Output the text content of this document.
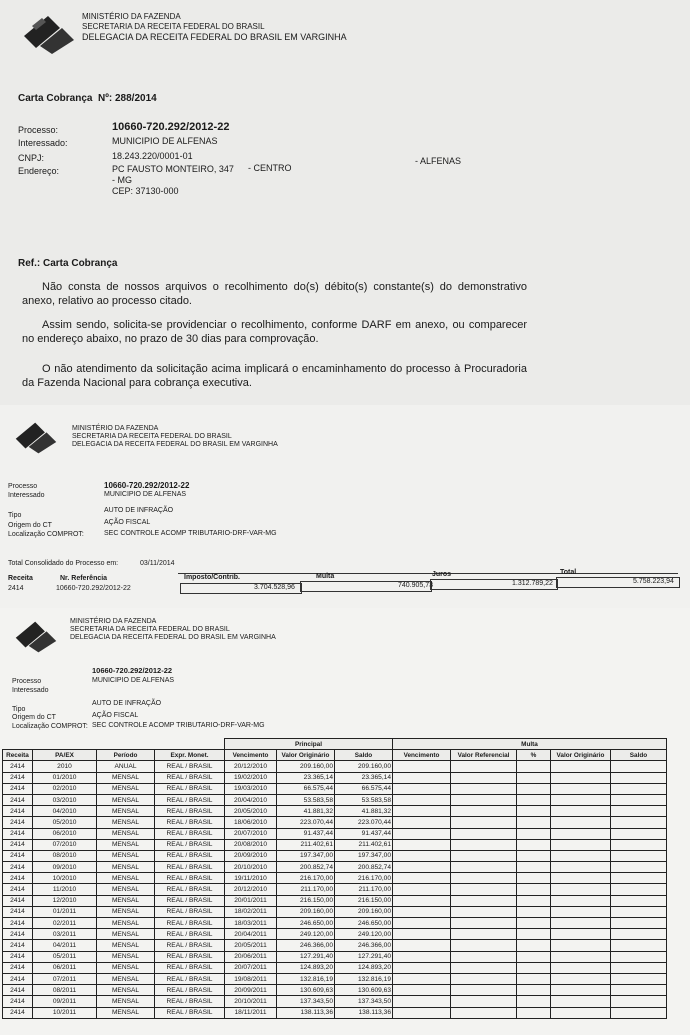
MINISTÉRIO DA FAZENDA
SECRETARIA DA RECEITA FEDERAL DO BRASIL
DELEGACIA DA RECEITA FEDERAL DO BRASIL EM VARGINHA
Carta Cobrança Nº: 288/2014
Processo:	10660-720.292/2012-22
Interessado:	MUNICIPIO DE ALFENAS
CNPJ:	18.243.220/0001-01
Endereço:	PC FAUSTO MONTEIRO, 347 - CENTRO
- ALFENAS
- MG
CEP: 37130-000
Ref.: Carta Cobrança
Não consta de nossos arquivos o recolhimento do(s) débito(s) constante(s) do demonstrativo anexo, relativo ao processo citado.
Assim sendo, solicita-se providenciar o recolhimento, conforme DARF em anexo, ou comparecer no endereço abaixo, no prazo de 30 dias para comprovação.
O não atendimento da solicitação acima implicará o encaminhamento do processo à Procuradoria da Fazenda Nacional para cobrança executiva.
MINISTÉRIO DA FAZENDA
SECRETARIA DA RECEITA FEDERAL DO BRASIL
DELEGACIA DA RECEITA FEDERAL DO BRASIL EM VARGINHA
Processo	10660-720.292/2012-22
Interessado	MUNICIPIO DE ALFENAS
Tipo
AUTO DE INFRAÇÃO
Origem do CT	AÇÃO FISCAL
Localização COMPROT:	SEC CONTROLE ACOMP TRIBUTARIO-DRF-VAR-MG
Total Consolidado do Processo em:	03/11/2014
Receita	Nr. Referência	Imposto/Contrib.	Multa	Juros	Total
2414	10660-720.292/2012-22	3.704.528,96	740.905,73	1.312.789,22	5.758.223,94
MINISTÉRIO DA FAZENDA
SECRETARIA DA RECEITA FEDERAL DO BRASIL
DELEGACIA DA RECEITA FEDERAL DO BRASIL EM VARGINHA
Processo
10660-720.292/2012-22
Interessado
MUNICIPIO DE ALFENAS
Tipo
AUTO DE INFRAÇÃO
Origem do CT	AÇÃO FISCAL
Localização COMPROT: SEC CONTROLE ACOMP TRIBUTARIO-DRF-VAR-MG
				Principal			Multa				
Receita	PA/EX	Período	Expr. Monet.	Vencimento	Valor Originário	Saldo	Vencimento	Valor Referencial	%	Valor Originário	Saldo
2414	2010	ANUAL	REAL / BRASIL	20/12/2010	209.160,00	209.160,00					
2414	01/2010	MENSAL	REAL / BRASIL	19/02/2010	23.365,14	23.365,14					
2414	02/2010	MENSAL	REAL / BRASIL	19/03/2010	66.575,44	66.575,44					
2414	03/2010	MENSAL	REAL / BRASIL	20/04/2010	53.583,58	53.583,58					
2414	04/2010	MENSAL	REAL / BRASIL	20/05/2010	41.881,32	41.881,32					
2414	05/2010	MENSAL	REAL / BRASIL	18/06/2010	223.070,44	223.070,44					
2414	06/2010	MENSAL	REAL / BRASIL	20/07/2010	91.437,44	91.437,44					
2414	07/2010	MENSAL	REAL / BRASIL	20/08/2010	211.402,61	211.402,61					
2414	08/2010	MENSAL	REAL / BRASIL	20/09/2010	197.347,00	197.347,00					
2414	09/2010	MENSAL	REAL / BRASIL	20/10/2010	200.852,74	200.852,74					
2414	10/2010	MENSAL	REAL / BRASIL	19/11/2010	216.170,00	216.170,00					
2414	11/2010	MENSAL	REAL / BRASIL	20/12/2010	211.170,00	211.170,00					
2414	12/2010	MENSAL	REAL / BRASIL	20/01/2011	216.150,00	216.150,00					
2414	01/2011	MENSAL	REAL / BRASIL	18/02/2011	209.160,00	209.160,00					
2414	02/2011	MENSAL	REAL / BRASIL	18/03/2011	246.650,00	246.650,00					
2414	03/2011	MENSAL	REAL / BRASIL	20/04/2011	249.120,00	249.120,00					
2414	04/2011	MENSAL	REAL / BRASIL	20/05/2011	246.366,00	246.366,00					
2414	05/2011	MENSAL	REAL / BRASIL	20/06/2011	127.291,40	127.291,40					
2414	06/2011	MENSAL	REAL / BRASIL	20/07/2011	124.893,20	124.893,20					
2414	07/2011	MENSAL	REAL / BRASIL	19/08/2011	132.816,19	132.816,19					
2414	08/2011	MENSAL	REAL / BRASIL	20/09/2011	130.609,63	130.609,63					
2414	09/2011	MENSAL	REAL / BRASIL	20/10/2011	137.343,50	137.343,50					
2414	10/2011	MENSAL	REAL / BRASIL	18/11/2011	138.113,36	138.113,36					
